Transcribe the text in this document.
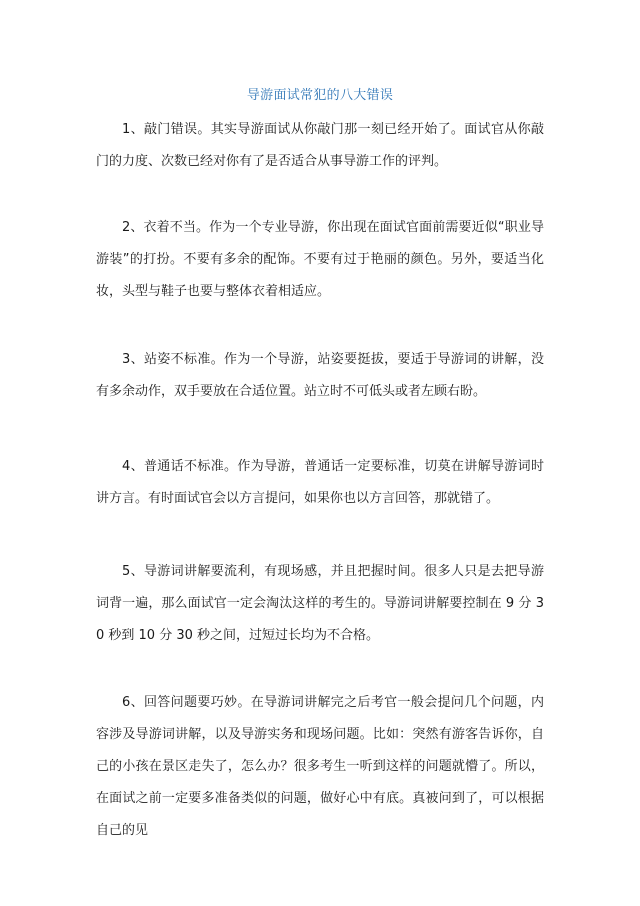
导游面试常犯的八大错误

1、敲门错误。其实导游面试从你敲门那一刻已经开始了。面试官从你敲门的力度、次数已经对你有了是否适合从事导游工作的评判。

2、衣着不当。作为一个专业导游，你出现在面试官面前需要近似“职业导游装”的打扮。不要有多余的配饰。不要有过于艳丽的颜色。另外，要适当化妆，头型与鞋子也要与整体衣着相适应。

3、站姿不标准。作为一个导游，站姿要挺拔，要适于导游词的讲解，没有多余动作，双手要放在合适位置。站立时不可低头或者左顾右盼。

4、普通话不标准。作为导游，普通话一定要标准，切莫在讲解导游词时讲方言。有时面试官会以方言提问，如果你也以方言回答，那就错了。

5、导游词讲解要流利，有现场感，并且把握时间。很多人只是去把导游词背一遍，那么面试官一定会淘汰这样的考生的。导游词讲解要控制在 9 分 30 秒到 10 分 30 秒之间，过短过长均为不合格。

6、回答问题要巧妙。在导游词讲解完之后考官一般会提问几个问题，内容涉及导游词讲解，以及导游实务和现场问题。比如：突然有游客告诉你，自己的小孩在景区走失了，怎么办？很多考生一听到这样的问题就懵了。所以，在面试之前一定要多准备类似的问题，做好心中有底。真被问到了，可以根据自己的见
